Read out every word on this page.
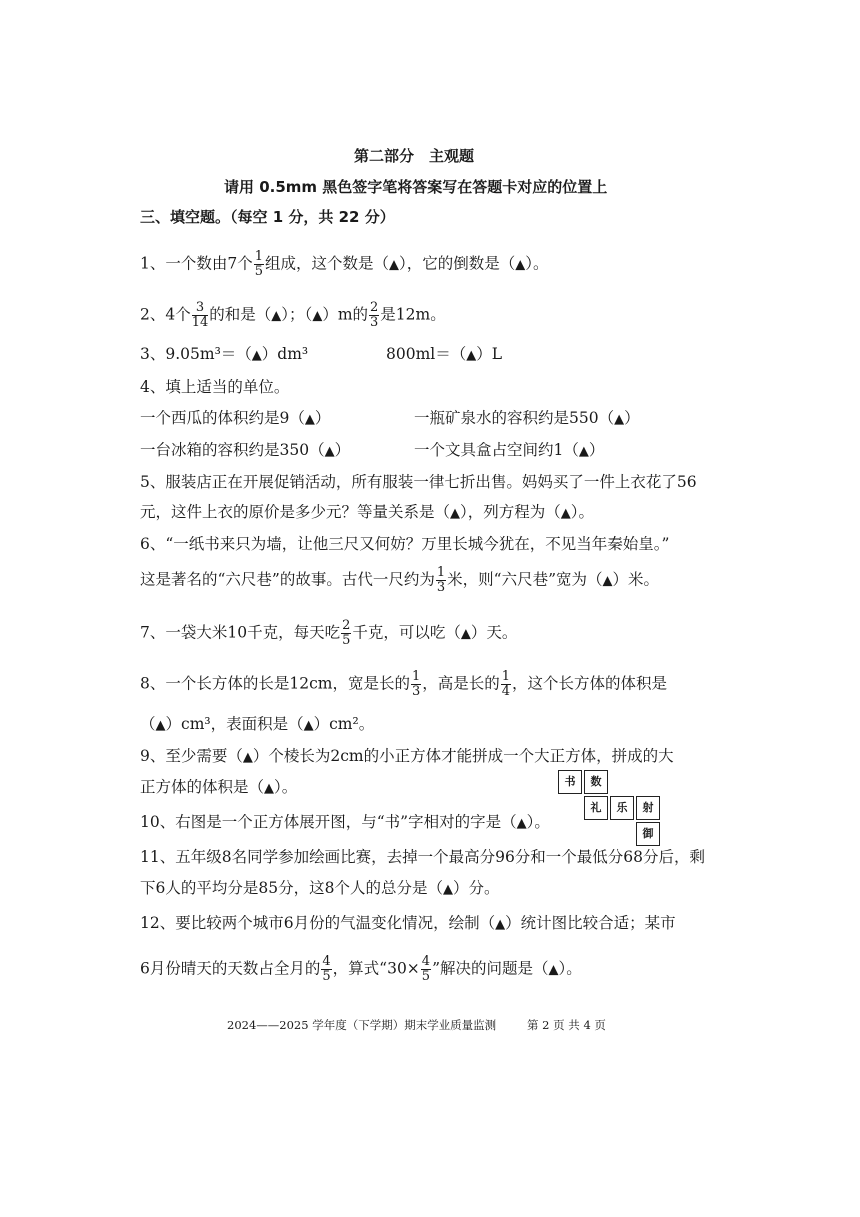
第二部分　主观题
请用 0.5mm 黑色签字笔将答案写在答题卡对应的位置上
三、填空题。（每空 1 分，共 22 分）
1、一个数由7个 $\frac{1}{5}$ 组成，这个数是（▲），它的倒数是（▲）。
2、4个 $\frac{3}{14}$ 的和是（▲）；（▲）m的 $\frac{2}{3}$ 是12m。
3、9.05m³＝（▲）dm³	800ml＝（▲）L
4、填上适当的单位。
一个西瓜的体积约是9（▲）	一瓶矿泉水的容积约是550（▲）
一台冰箱的容积约是350（▲）	一个文具盒占空间约1（▲）
5、服装店正在开展促销活动，所有服装一律七折出售。妈妈买了一件上衣花了56
元，这件上衣的原价是多少元？等量关系是（▲），列方程为（▲）。
6、“一纸书来只为墙，让他三尺又何妨？万里长城今犹在，不见当年秦始皇。”
这是著名的“六尺巷”的故事。古代一尺约为 $\frac{1}{3}$ 米，则“六尺巷”宽为（▲）米。
7、一袋大米10千克，每天吃 $\frac{2}{5}$ 千克，可以吃（▲）天。
8、一个长方体的长是12cm，宽是长的 $\frac{1}{3}$ ，高是长的 $\frac{1}{4}$ ，这个长方体的体积是
（▲）cm³，表面积是（▲）cm²。
9、至少需要（▲）个棱长为2cm的小正方体才能拼成一个大正方体，拼成的大
正方体的体积是（▲）。	书	数
礼	乐	射
御
10、右图是一个正方体展开图，与“书”字相对的字是（▲）。
11、五年级8名同学参加绘画比赛，去掉一个最高分96分和一个最低分68分后，剩
下6人的平均分是85分，这8个人的总分是（▲）分。
12、要比较两个城市6月份的气温变化情况，绘制（▲）统计图比较合适；某市
6月份晴天的天数占全月的 $\frac{4}{5}$ ，算式“$30\times \frac{4}{5}$ ”解决的问题是（▲）。
2024——2025 学年度（下学期）期末学业质量监测	第 2 页 共 4 页
